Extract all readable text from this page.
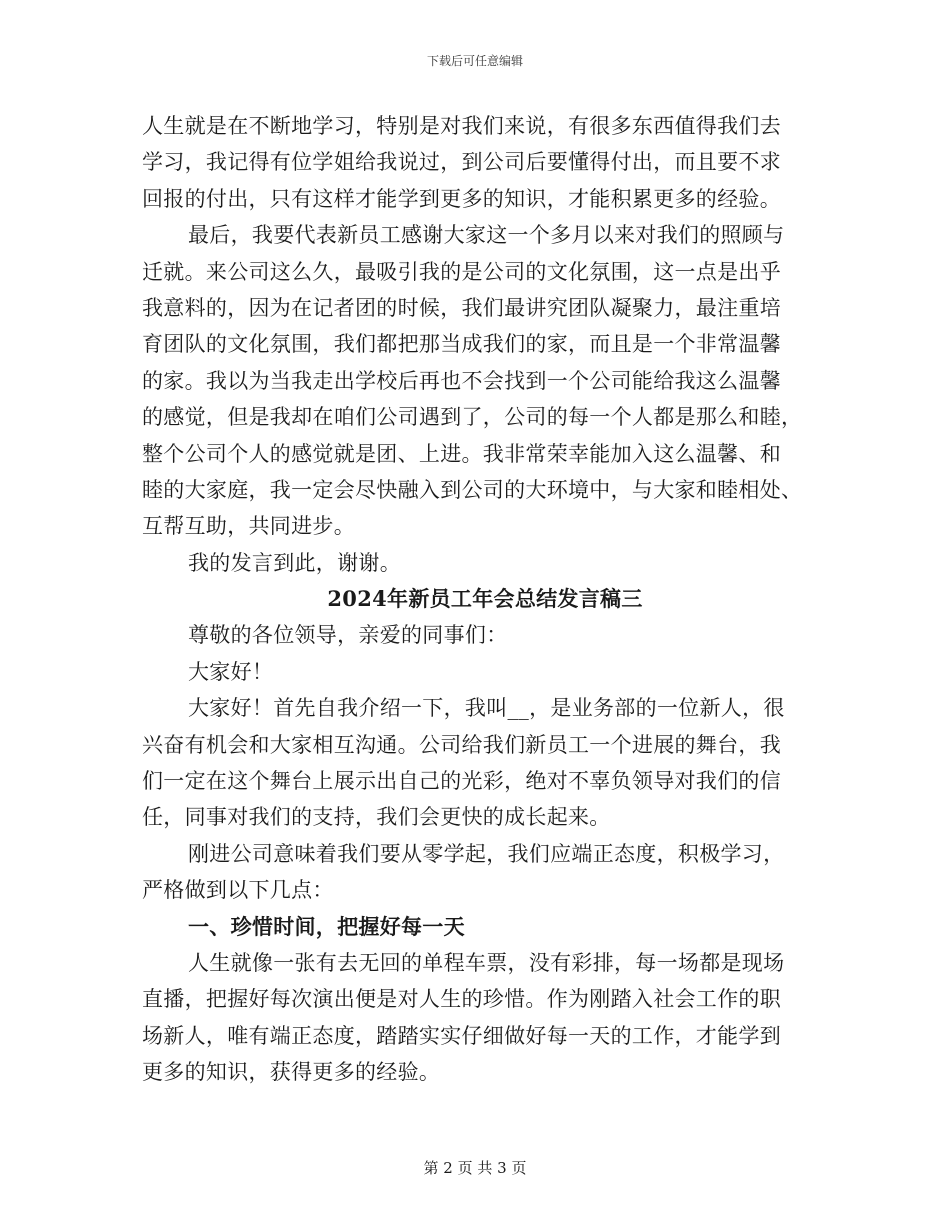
下载后可任意编辑
人生就是在不断地学习，特别是对我们来说，有很多东西值得我们去
学习，我记得有位学姐给我说过，到公司后要懂得付出，而且要不求
回报的付出，只有这样才能学到更多的知识，才能积累更多的经验。
最后，我要代表新员工感谢大家这一个多月以来对我们的照顾与
迁就。来公司这么久，最吸引我的是公司的文化氛围，这一点是出乎
我意料的，因为在记者团的时候，我们最讲究团队凝聚力，最注重培
育团队的文化氛围，我们都把那当成我们的家，而且是一个非常温馨
的家。我以为当我走出学校后再也不会找到一个公司能给我这么温馨
的感觉，但是我却在咱们公司遇到了，公司的每一个人都是那么和睦，
整个公司个人的感觉就是团、上进。我非常荣幸能加入这么温馨、和
睦的大家庭，我一定会尽快融入到公司的大环境中，与大家和睦相处、
互帮互助，共同进步。
我的发言到此，谢谢。
2024年新员工年会总结发言稿三
尊敬的各位领导，亲爱的同事们：
大家好！
大家好！首先自我介绍一下，我叫__，是业务部的一位新人，很
兴奋有机会和大家相互沟通。公司给我们新员工一个进展的舞台，我
们一定在这个舞台上展示出自己的光彩，绝对不辜负领导对我们的信
任，同事对我们的支持，我们会更快的成长起来。
刚进公司意味着我们要从零学起，我们应端正态度，积极学习，
严格做到以下几点：
一、珍惜时间，把握好每一天
人生就像一张有去无回的单程车票，没有彩排，每一场都是现场
直播，把握好每次演出便是对人生的珍惜。作为刚踏入社会工作的职
场新人，唯有端正态度，踏踏实实仔细做好每一天的工作，才能学到
更多的知识，获得更多的经验。
第 2 页 共 3 页
